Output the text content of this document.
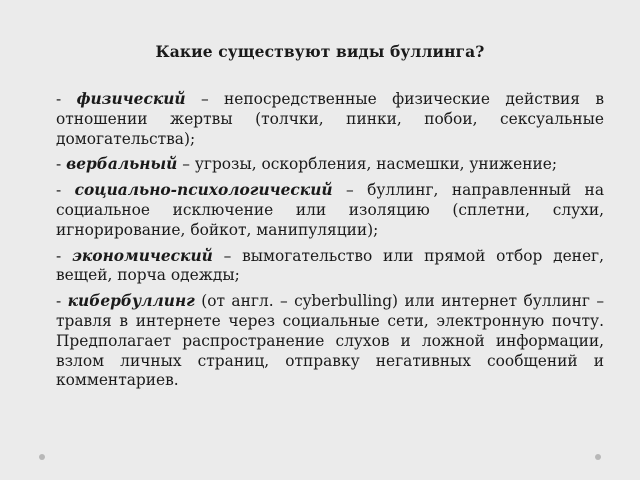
Какие существуют виды буллинга?

- физический – непосредственные физические действия в отношении жертвы (толчки, пинки, побои, сексуальные домогательства);

- вербальный – угрозы, оскорбления, насмешки, унижение;

- социально-психологический – буллинг, направленный на социальное исключение или изоляцию (сплетни, слухи, игнорирование, бойкот, манипуляции);

- экономический – вымогательство или прямой отбор денег, вещей, порча одежды;

- кибербуллинг (от англ. – cyberbulling) или интернет буллинг – травля в интернете через социальные сети, электронную почту. Предполагает распространение слухов и ложной информации, взлом личных страниц, отправку негативных сообщений и комментариев.
